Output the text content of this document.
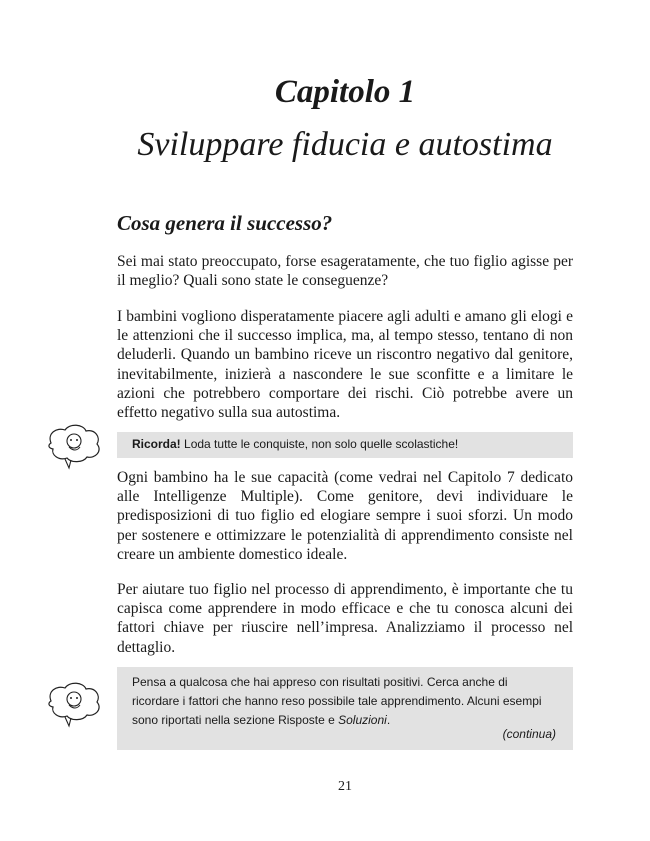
Capitolo 1
Sviluppare fiducia e autostima
Cosa genera il successo?

Sei mai stato preoccupato, forse esageratamente, che tuo figlio agisse per il meglio? Quali sono state le conseguenze?

I bambini vogliono disperatamente piacere agli adulti e amano gli elogi e le attenzioni che il successo implica, ma, al tempo stesso, tentano di non deluderli. Quando un bambino riceve un riscontro negativo dal genitore, inevitabilmente, inizierà a nascondere le sue sconfitte e a limitare le azioni che potrebbero comportare dei rischi. Ciò potrebbe avere un effetto negativo sulla sua autostima.

Ricorda! Loda tutte le conquiste, non solo quelle scolastiche!

Ogni bambino ha le sue capacità (come vedrai nel Capitolo 7 dedicato alle Intelligenze Multiple). Come genitore, devi individuare le predisposizioni di tuo figlio ed elogiare sempre i suoi sforzi. Un modo per sostenere e ottimizzare le potenzialità di apprendimento consiste nel creare un ambiente domestico ideale.

Per aiutare tuo figlio nel processo di apprendimento, è importante che tu capisca come apprendere in modo efficace e che tu conosca alcuni dei fattori chiave per riuscire nell’impresa. Analizziamo il processo nel dettaglio.

Pensa a qualcosa che hai appreso con risultati positivi. Cerca anche di ricordare i fattori che hanno reso possibile tale apprendimento. Alcuni esempi sono riportati nella sezione Risposte e Soluzioni.
(continua)
21
